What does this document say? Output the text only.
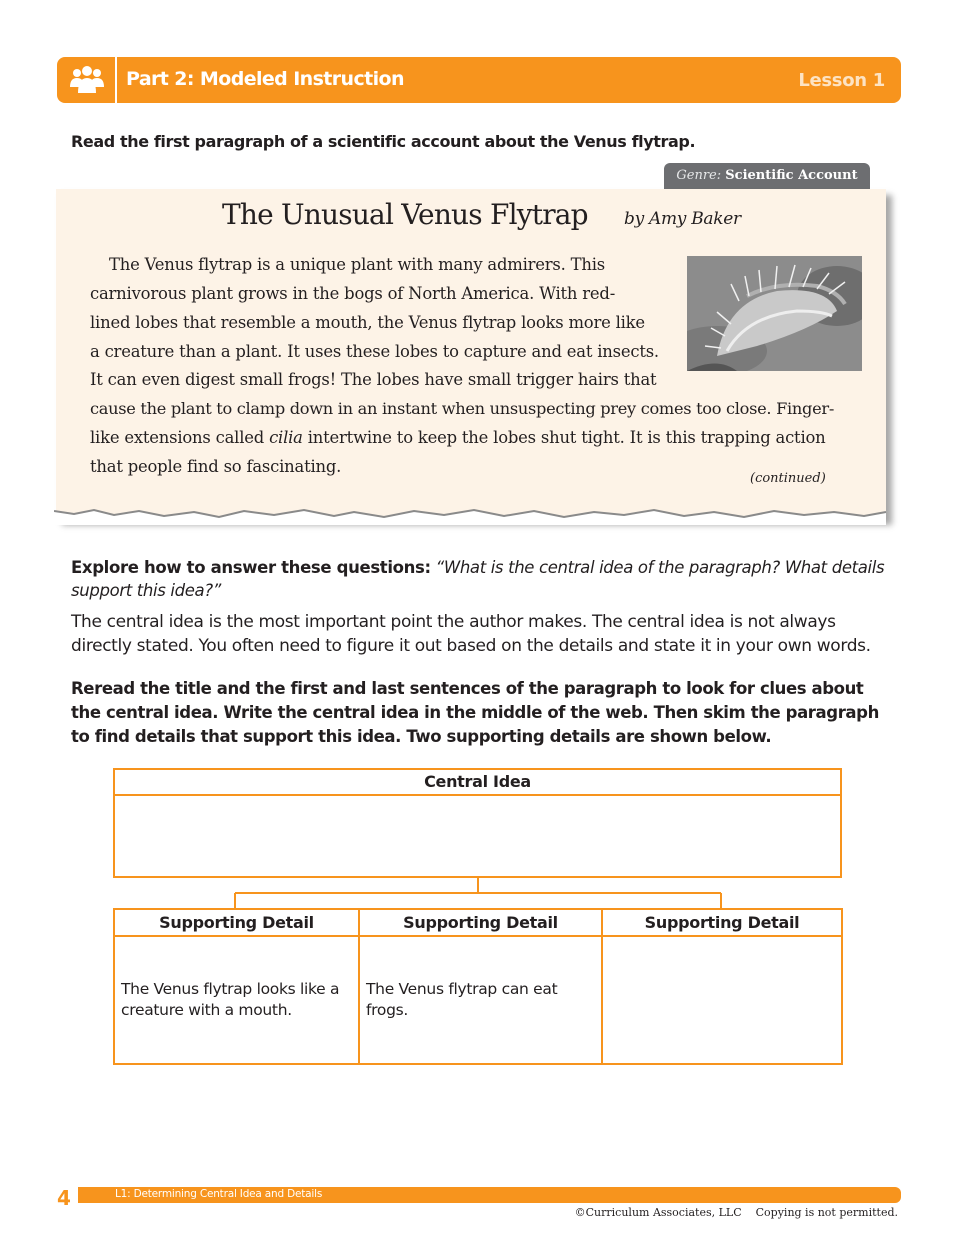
Part 2: Modeled Instruction	Lesson 1
Read the first paragraph of a scientific account about the Venus flytrap.
Genre: Scientific Account
The Unusual Venus Flytrap by Amy Baker
The Venus flytrap is a unique plant with many admirers. This
carnivorous plant grows in the bogs of North America. With red-
lined lobes that resemble a mouth, the Venus flytrap looks more like
a creature than a plant. It uses these lobes to capture and eat insects.
It can even digest small frogs! The lobes have small trigger hairs that
cause the plant to clamp down in an instant when unsuspecting prey comes too close. Finger-
like extensions called cilia intertwine to keep the lobes shut tight. It is this trapping action
that people find so fascinating.
(continued)
Explore how to answer these questions: “What is the central idea of the paragraph? What details support this idea?”
The central idea is the most important point the author makes. The central idea is not always directly stated. You often need to figure it out based on the details and state it in your own words.
Reread the title and the first and last sentences of the paragraph to look for clues about the central idea. Write the central idea in the middle of the web. Then skim the paragraph to find details that support this idea. Two supporting details are shown below.
Central Idea
Supporting Detail
The Venus flytrap looks like a creature with a mouth.
Supporting Detail
The Venus flytrap can eat frogs.
Supporting Detail
4	L1: Determining Central Idea and Details
©Curriculum Associates, LLC    Copying is not permitted.
